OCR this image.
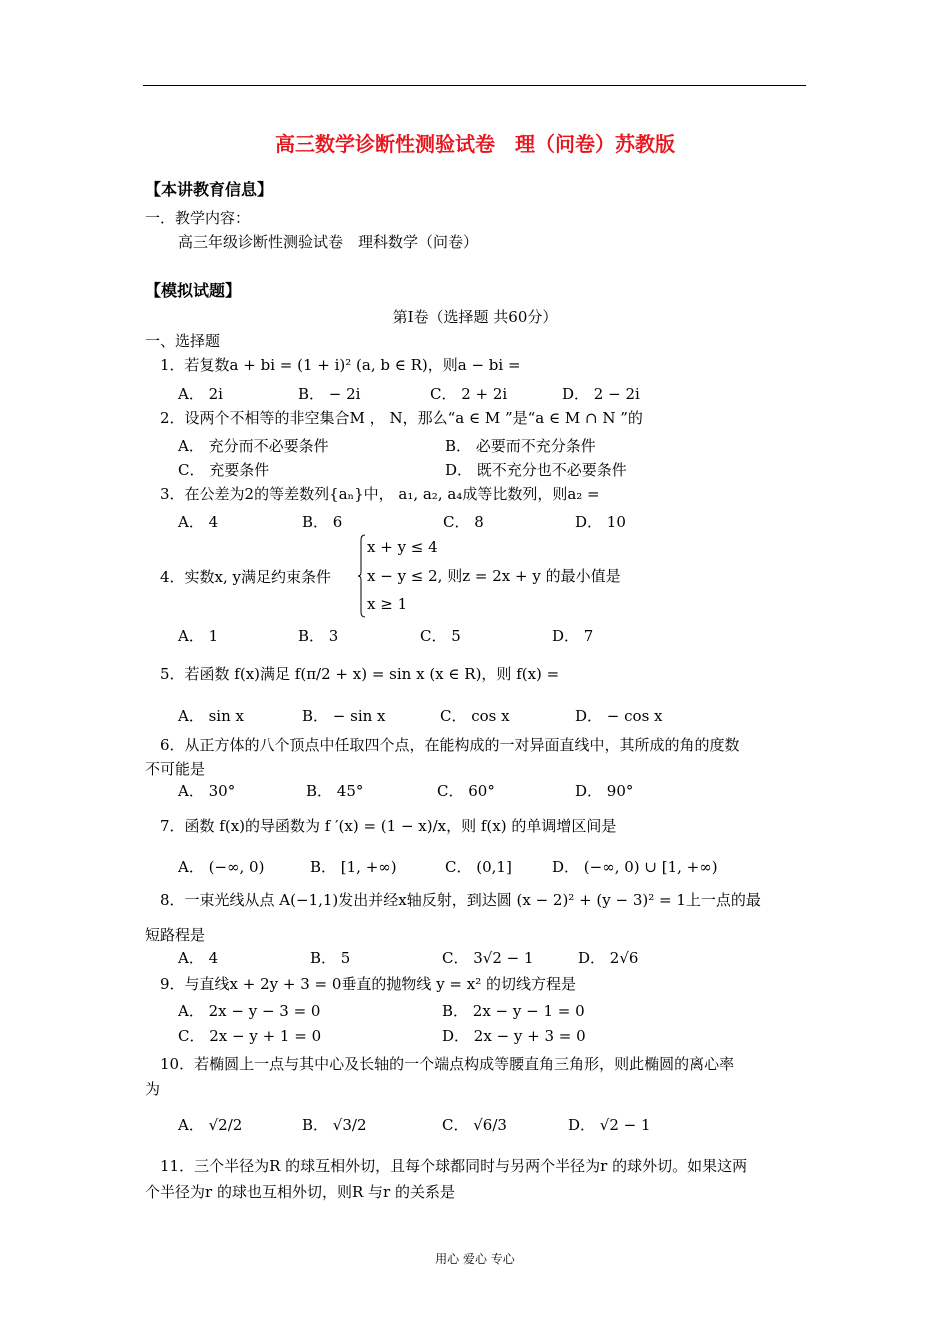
高三数学诊断性测验试卷　理（问卷）苏教版
【本讲教育信息】
一．教学内容：
高三年级诊断性测验试卷　理科数学（问卷）
【模拟试题】
第Ⅰ卷（选择题 共60分）
一、选择题
1．若复数a + bi = (1 + i)² (a, b ∈ R)，则a − bi =
A． 2i	B． − 2i	C． 2 + 2i	D． 2 − 2i
2．设两个不相等的非空集合M ， N，那么“a ∈ M ”是“a ∈ M ∩ N ”的
A． 充分而不必要条件	B． 必要而不充分条件
C． 充要条件	D． 既不充分也不必要条件
3．在公差为2的等差数列{aₙ}中， a₁, a₂, a₄成等比数列，则a₂ =
A． 4	B． 6	C． 8	D． 10
4．实数x, y满足约束条件
x + y ≤ 4
x − y ≤ 2, 则z = 2x + y 的最小值是
x ≥ 1
A． 1	B． 3	C． 5	D． 7
5．若函数 f(x)满足 f(π/2 + x) = sin x (x ∈ R)，则 f(x) =
A． sin x	B． − sin x	C． cos x	D． − cos x
6．从正方体的八个顶点中任取四个点，在能构成的一对异面直线中，其所成的角的度数
不可能是
A． 30°	B． 45°	C． 60°	D． 90°
7．函数 f(x)的导函数为 f ′(x) = (1 − x)/x，则 f(x) 的单调增区间是
A． (−∞, 0)	B． [1, +∞)	C． (0,1]	D． (−∞, 0) ∪ [1, +∞)
8．一束光线从点 A(−1,1)发出并经x轴反射，到达圆 (x − 2)² + (y − 3)² = 1上一点的最
短路程是
A． 4	B． 5	C． 3√2 − 1	D． 2√6
9．与直线x + 2y + 3 = 0垂直的抛物线 y = x² 的切线方程是
A． 2x − y − 3 = 0	B． 2x − y − 1 = 0
C． 2x − y + 1 = 0	D． 2x − y + 3 = 0
10．若椭圆上一点与其中心及长轴的一个端点构成等腰直角三角形，则此椭圆的离心率
为
A． √2/2	B． √3/2	C． √6/3	D． √2 − 1
11．三个半径为R 的球互相外切，且每个球都同时与另两个半径为r 的球外切。如果这两
个半径为r 的球也互相外切，则R 与r 的关系是
用心 爱心 专心
